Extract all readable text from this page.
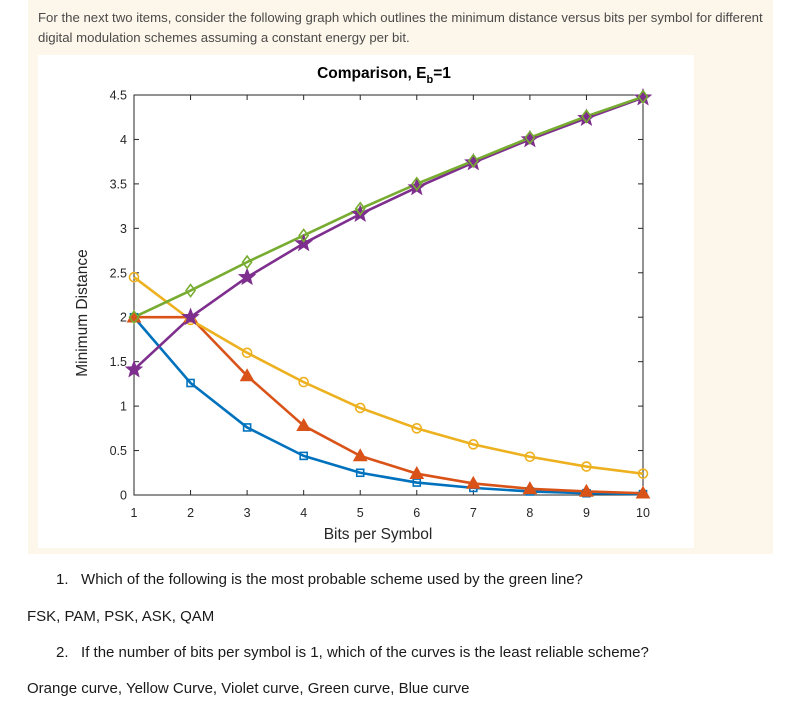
For the next two items, consider the following graph which outlines the minimum distance versus bits per symbol for different digital modulation schemes assuming a constant energy per bit.
Comparison, $E_b=1$
1	2	3	4	5	6	7	8	9	10
0
0.5
1
1.5
2
2.5
3
3.5
4
4.5
Bits per Symbol
Minimum Distance
1. Which of the following is the most probable scheme used by the green line?
FSK, PAM, PSK, ASK, QAM
2. If the number of bits per symbol is 1, which of the curves is the least reliable scheme?
Orange curve, Yellow Curve, Violet curve, Green curve, Blue curve
